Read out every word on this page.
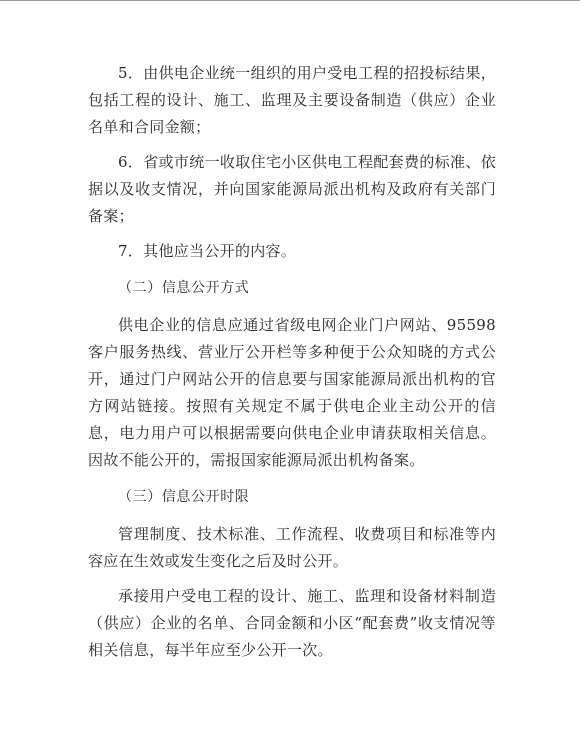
5．由供电企业统一组织的用户受电工程的招投标结果，包括工程的设计、施工、监理及主要设备制造（供应）企业名单和合同金额；

6．省或市统一收取住宅小区供电工程配套费的标准、依据以及收支情况，并向国家能源局派出机构及政府有关部门备案；

7．其他应当公开的内容。

（二）信息公开方式

供电企业的信息应通过省级电网企业门户网站、95598客户服务热线、营业厅公开栏等多种便于公众知晓的方式公开，通过门户网站公开的信息要与国家能源局派出机构的官方网站链接。按照有关规定不属于供电企业主动公开的信息，电力用户可以根据需要向供电企业申请获取相关信息。因故不能公开的，需报国家能源局派出机构备案。

（三）信息公开时限

管理制度、技术标准、工作流程、收费项目和标准等内容应在生效或发生变化之后及时公开。

承接用户受电工程的设计、施工、监理和设备材料制造（供应）企业的名单、合同金额和小区“配套费”收支情况等相关信息，每半年应至少公开一次。
